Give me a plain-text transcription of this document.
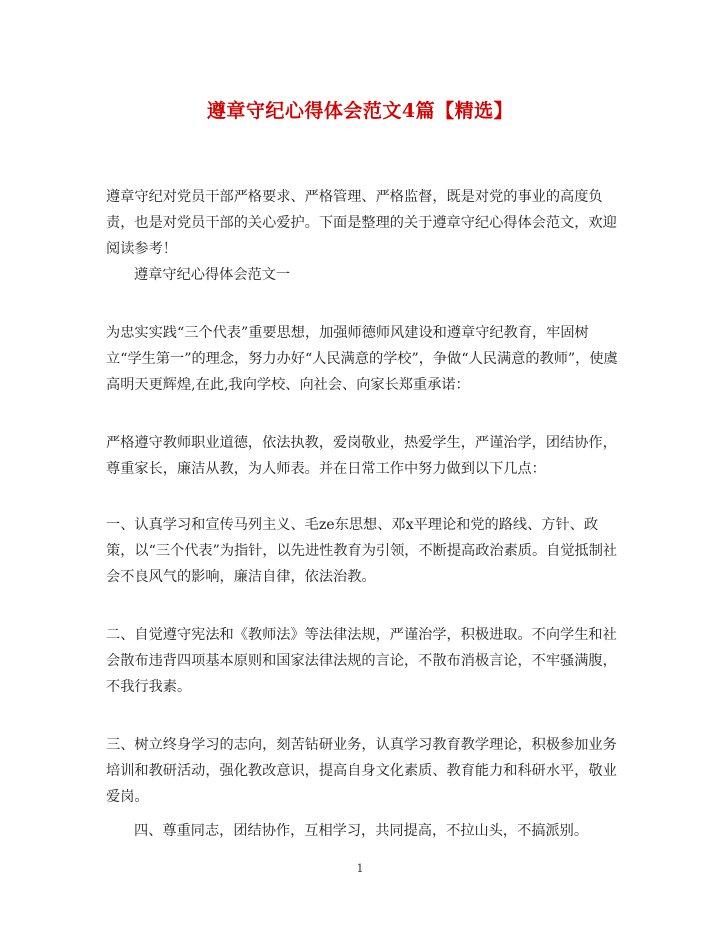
遵章守纪心得体会范文4篇【精选】

遵章守纪对党员干部严格要求、严格管理、严格监督，既是对党的事业的高度负责，也是对党员干部的关心爱护。下面是整理的关于遵章守纪心得体会范文，欢迎阅读参考！

遵章守纪心得体会范文一

为忠实实践“三个代表”重要思想，加强师德师风建设和遵章守纪教育，牢固树立“学生第一”的理念，努力办好“人民满意的学校”，争做“人民满意的教师”，使虞高明天更辉煌,在此,我向学校、向社会、向家长郑重承诺：

严格遵守教师职业道德，依法执教，爱岗敬业，热爱学生，严谨治学，团结协作，尊重家长，廉洁从教，为人师表。并在日常工作中努力做到以下几点：

一、认真学习和宣传马列主义、毛ze东思想、邓x平理论和党的路线、方针、政策，以“三个代表”为指针，以先进性教育为引领，不断提高政治素质。自觉抵制社会不良风气的影响，廉洁自律，依法治教。

二、自觉遵守宪法和《教师法》等法律法规，严谨治学，积极进取。不向学生和社会散布违背四项基本原则和国家法律法规的言论，不散布消极言论，不牢骚满腹，不我行我素。

三、树立终身学习的志向，刻苦钻研业务，认真学习教育教学理论，积极参加业务培训和教研活动，强化教改意识，提高自身文化素质、教育能力和科研水平，敬业爱岗。

四、尊重同志，团结协作，互相学习，共同提高，不拉山头，不搞派别。

1
